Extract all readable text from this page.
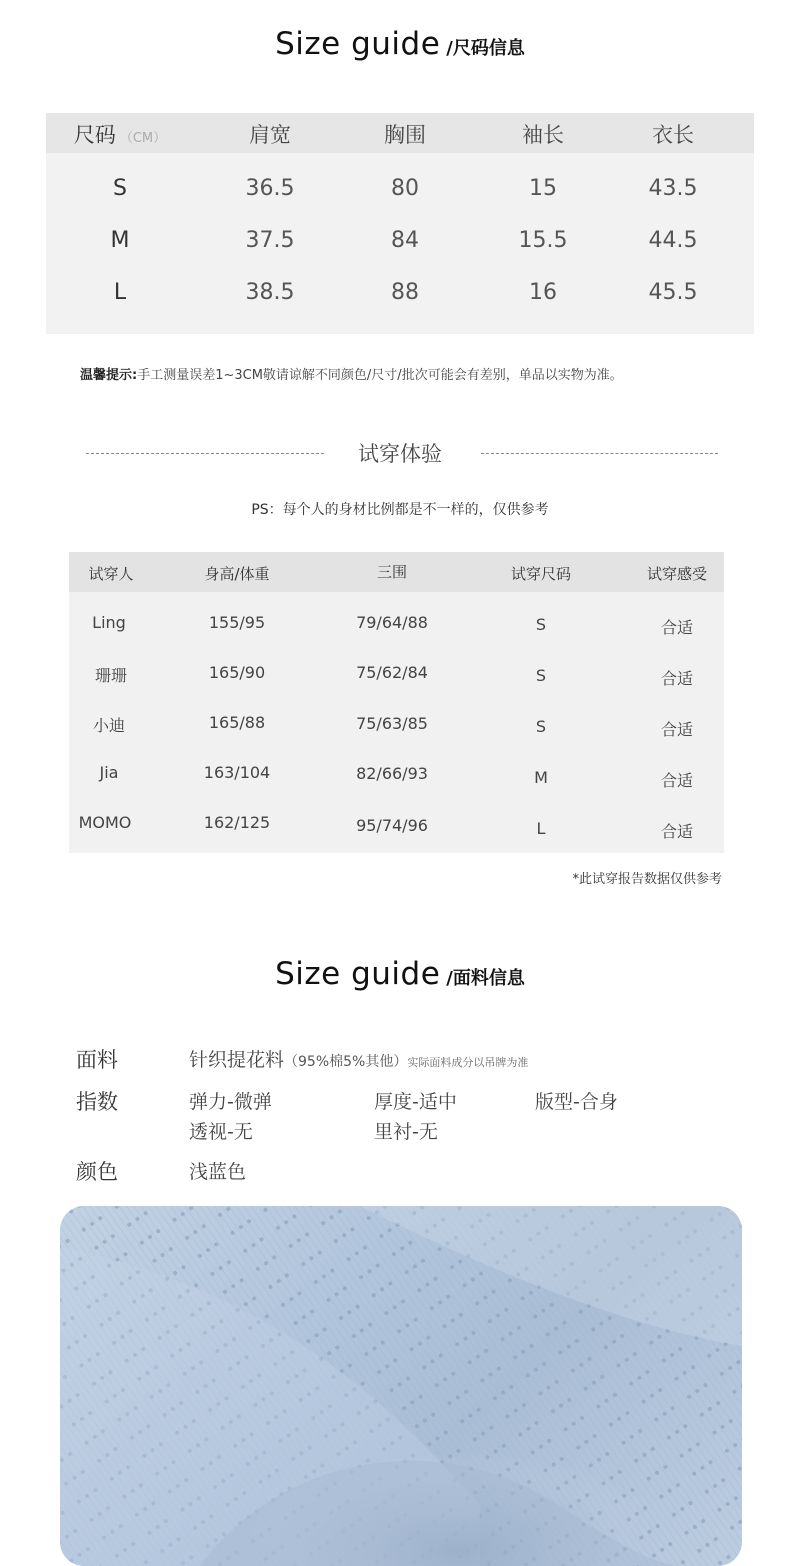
Size guide /尺码信息
尺码 （CM）	肩宽	胸围	袖长	衣长
S	36.5	80	15	43.5
M	37.5	84	15.5	44.5
L	38.5	88	16	45.5
温馨提示:手工测量误差1~3CM敬请谅解不同颜色/尺寸/批次可能会有差别，单品以实物为准。
试穿体验
PS：每个人的身材比例都是不一样的，仅供参考
试穿人	身高/体重	三围	试穿尺码	试穿感受
Ling	155/95	79/64/88	S	合适
珊珊	165/90	75/62/84	S	合适
小迪	165/88	75/63/85	S	合适
Jia	163/104	82/66/93	M	合适
MOMO	162/125	95/74/96	L	合适
*此试穿报告数据仅供参考
Size guide /面料信息
面料	针织提花料（95%棉5%其他）实际面料成分以吊牌为准
指数	弹力-微弹	厚度-适中	版型-合身
透视-无	里衬-无
颜色	浅蓝色
